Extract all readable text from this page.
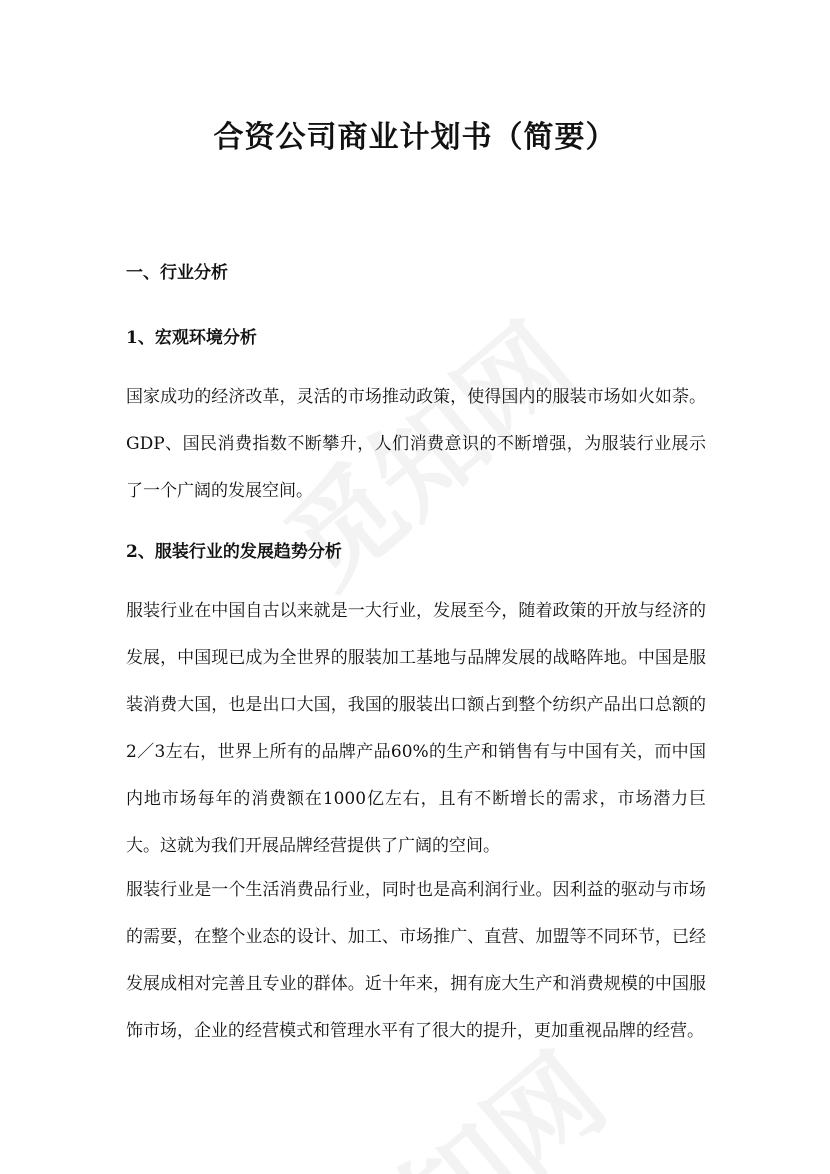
合资公司商业计划书（简要）
一、行业分析
1、宏观环境分析

国家成功的经济改革，灵活的市场推动政策，使得国内的服装市场如火如荼。GDP、国民消费指数不断攀升，人们消费意识的不断增强，为服装行业展示了一个广阔的发展空间。

2、服装行业的发展趋势分析

服装行业在中国自古以来就是一大行业，发展至今，随着政策的开放与经济的发展，中国现已成为全世界的服装加工基地与品牌发展的战略阵地。中国是服装消费大国，也是出口大国，我国的服装出口额占到整个纺织产品出口总额的2／3左右，世界上所有的品牌产品60%的生产和销售有与中国有关，而中国内地市场每年的消费额在1000亿左右，且有不断增长的需求，市场潜力巨大。这就为我们开展品牌经营提供了广阔的空间。

服装行业是一个生活消费品行业，同时也是高利润行业。因利益的驱动与市场的需要，在整个业态的设计、加工、市场推广、直营、加盟等不同环节，已经发展成相对完善且专业的群体。近十年来，拥有庞大生产和消费规模的中国服饰市场，企业的经营模式和管理水平有了很大的提升，更加重视品牌的经营。
